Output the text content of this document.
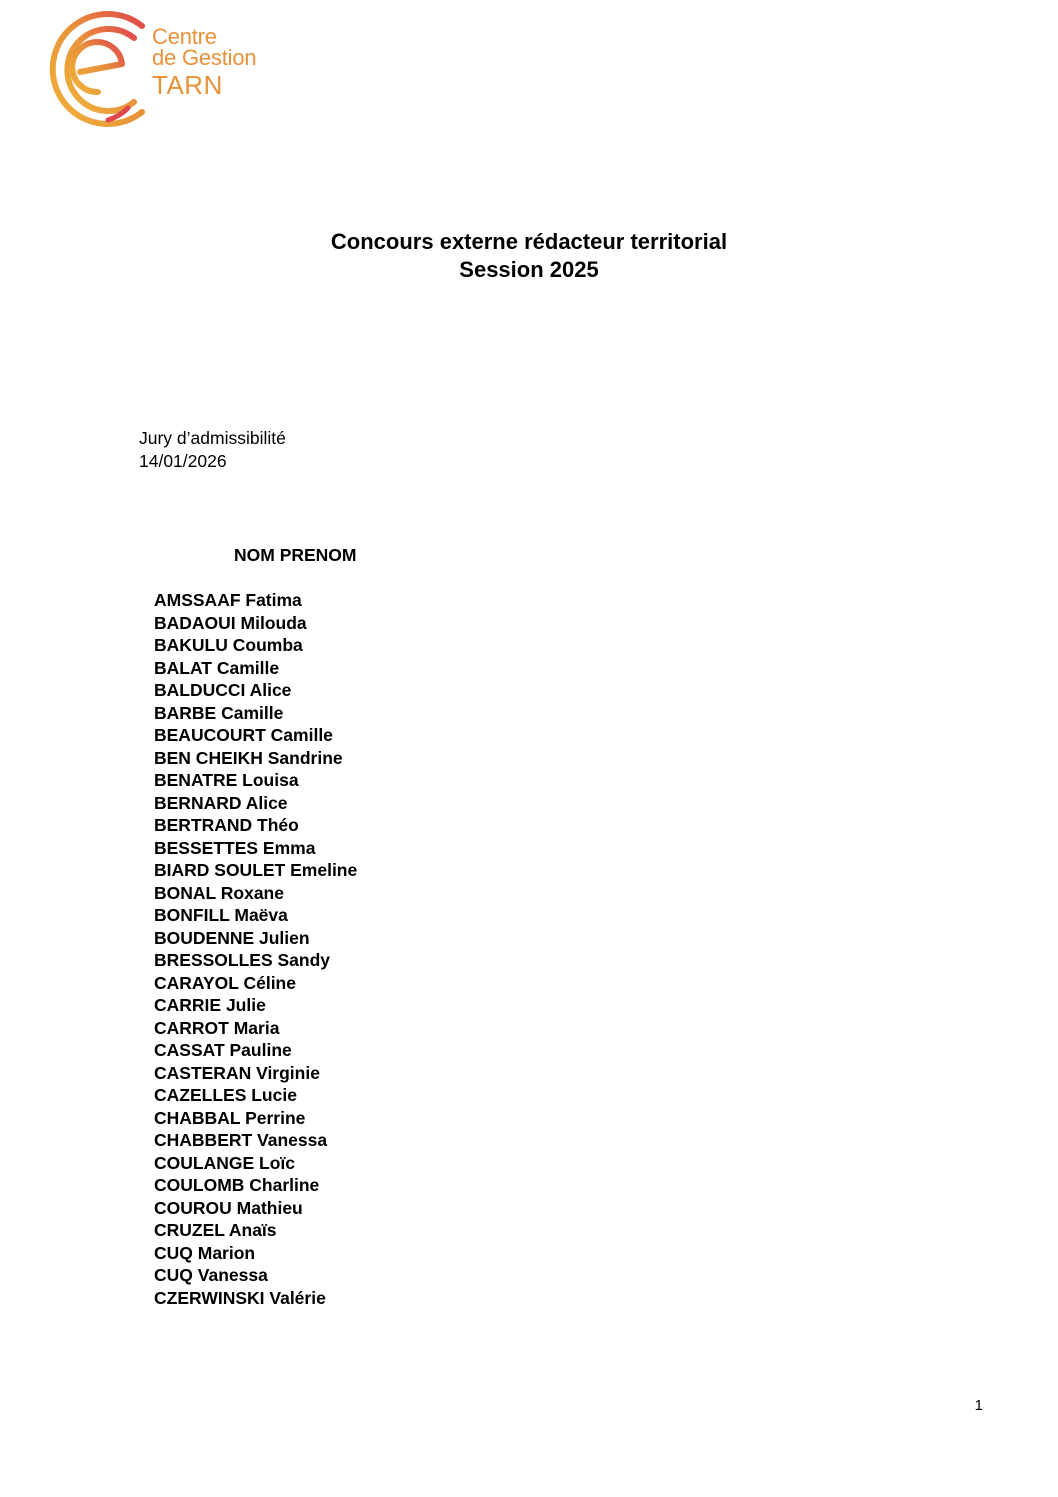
Centre
de Gestion
TARN
Concours externe rédacteur territorial
Session 2025
Jury d’admissibilité
14/01/2026
NOM PRENOM
AMSSAAF Fatima
BADAOUI Milouda
BAKULU Coumba
BALAT Camille
BALDUCCI Alice
BARBE Camille
BEAUCOURT Camille
BEN CHEIKH Sandrine
BENATRE Louisa
BERNARD Alice
BERTRAND Théo
BESSETTES Emma
BIARD SOULET Emeline
BONAL Roxane
BONFILL Maëva
BOUDENNE Julien
BRESSOLLES Sandy
CARAYOL Céline
CARRIE Julie
CARROT Maria
CASSAT Pauline
CASTERAN Virginie
CAZELLES Lucie
CHABBAL Perrine
CHABBERT Vanessa
COULANGE Loïc
COULOMB Charline
COUROU Mathieu
CRUZEL Anaïs
CUQ Marion
CUQ Vanessa
CZERWINSKI Valérie
1
